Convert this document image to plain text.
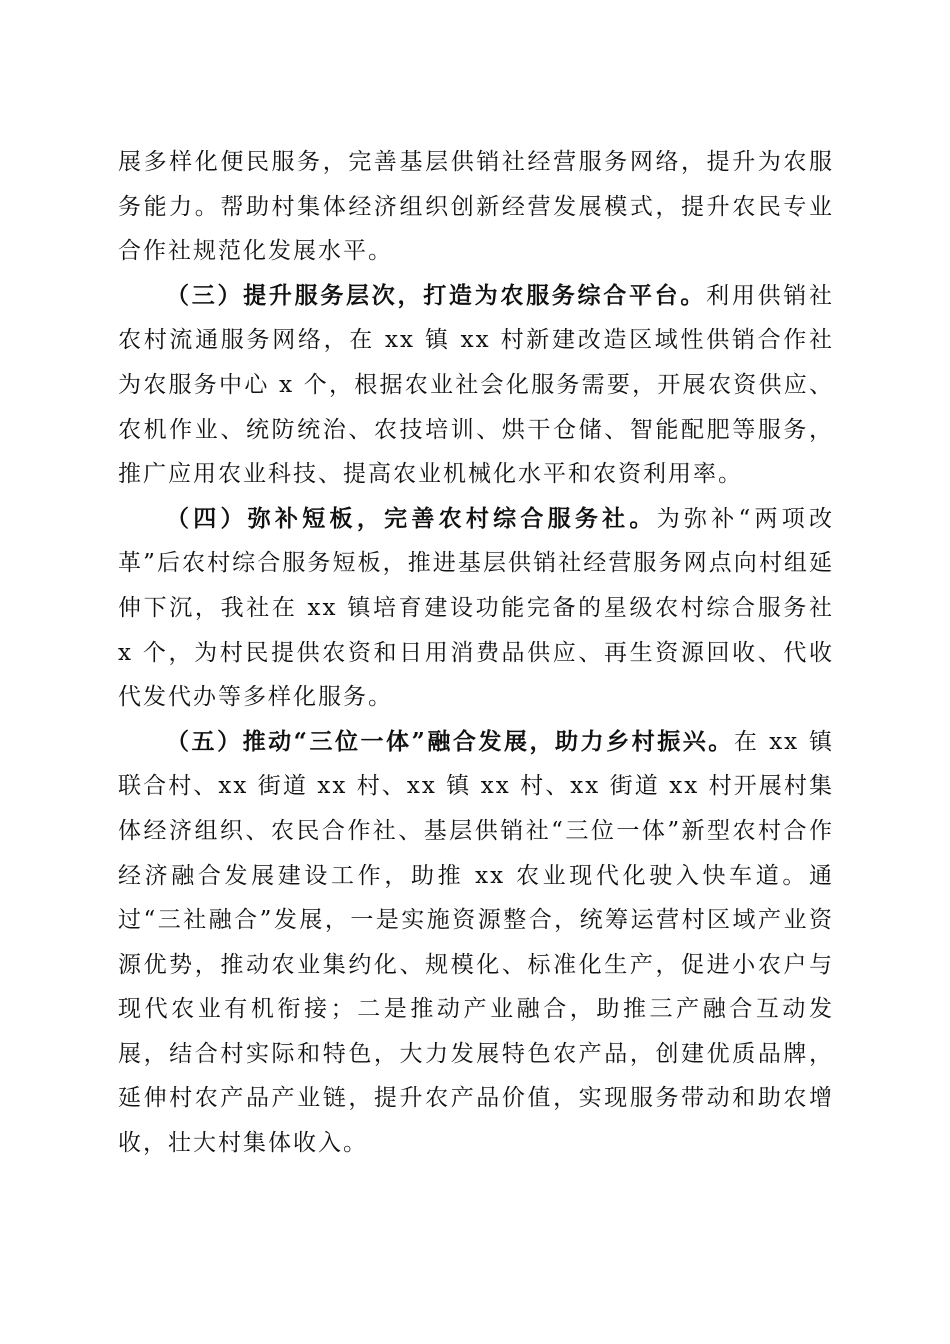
展多样化便民服务，完善基层供销社经营服务网络，提升为农服务能力。帮助村集体经济组织创新经营发展模式，提升农民专业合作社规范化发展水平。

（三）提升服务层次，打造为农服务综合平台。利用供销社农村流通服务网络，在 xx 镇 xx 村新建改造区域性供销合作社为农服务中心 x 个，根据农业社会化服务需要，开展农资供应、农机作业、统防统治、农技培训、烘干仓储、智能配肥等服务，推广应用农业科技、提高农业机械化水平和农资利用率。

（四）弥补短板，完善农村综合服务社。为弥补“两项改革”后农村综合服务短板，推进基层供销社经营服务网点向村组延伸下沉，我社在 xx 镇培育建设功能完备的星级农村综合服务社 x 个，为村民提供农资和日用消费品供应、再生资源回收、代收代发代办等多样化服务。

（五）推动“三位一体”融合发展，助力乡村振兴。在 xx 镇联合村、xx 街道 xx 村、xx 镇 xx 村、xx 街道 xx 村开展村集体经济组织、农民合作社、基层供销社“三位一体”新型农村合作经济融合发展建设工作，助推 xx 农业现代化驶入快车道。通过“三社融合”发展，一是实施资源整合，统筹运营村区域产业资源优势，推动农业集约化、规模化、标准化生产，促进小农户与现代农业有机衔接；二是推动产业融合，助推三产融合互动发展，结合村实际和特色，大力发展特色农产品，创建优质品牌，延伸村农产品产业链，提升农产品价值，实现服务带动和助农增收，壮大村集体收入。
